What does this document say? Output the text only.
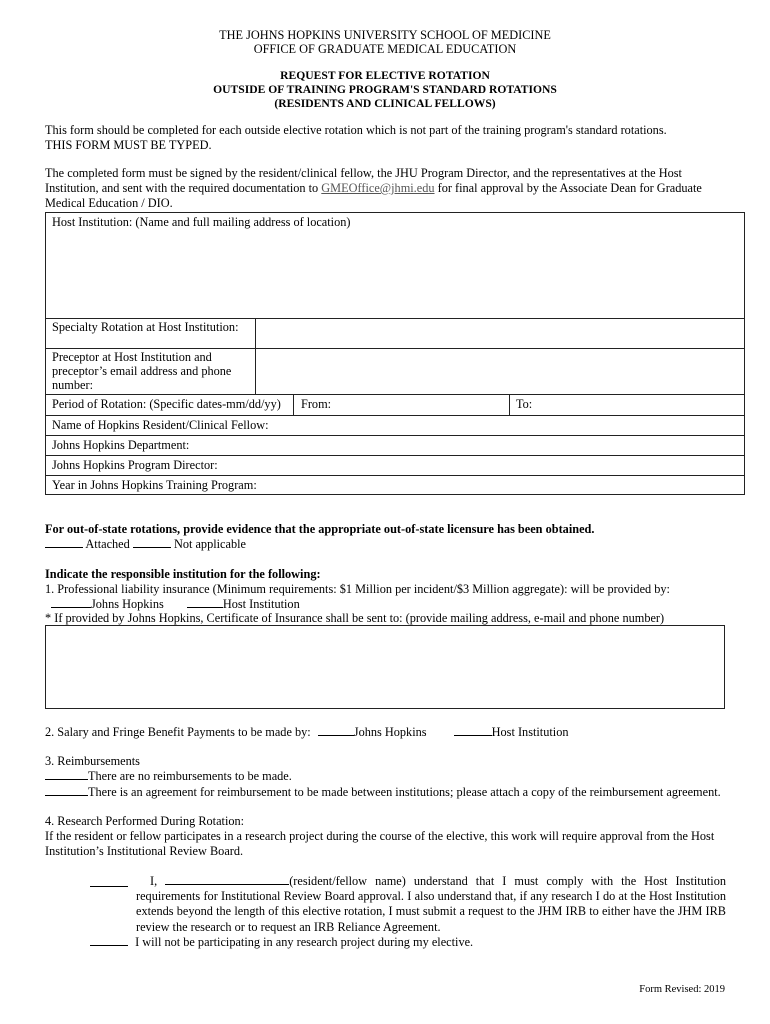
THE JOHNS HOPKINS UNIVERSITY SCHOOL OF MEDICINE
OFFICE OF GRADUATE MEDICAL EDUCATION
REQUEST FOR ELECTIVE ROTATION
OUTSIDE OF TRAINING PROGRAM'S STANDARD ROTATIONS
(RESIDENTS AND CLINICAL FELLOWS)
This form should be completed for each outside elective rotation which is not part of the training program's standard rotations.
THIS FORM MUST BE TYPED.
The completed form must be signed by the resident/clinical fellow, the JHU Program Director, and the representatives at the Host Institution, and sent with the required documentation to GMEOffice@jhmi.edu for final approval by the Associate Dean for Graduate Medical Education / DIO.
Host Institution: (Name and full mailing address of location)
Specialty Rotation at Host Institution:
Preceptor at Host Institution and preceptor’s email address and phone number:
Period of Rotation: (Specific dates-mm/dd/yy) From:	To:
Name of Hopkins Resident/Clinical Fellow:
Johns Hopkins Department:
Johns Hopkins Program Director:
Year in Johns Hopkins Training Program:
For out-of-state rotations, provide evidence that the appropriate out-of-state licensure has been obtained.
Attached	Not applicable
Indicate the responsible institution for the following:
1. Professional liability insurance (Minimum requirements: $1 Million per incident/$3 Million aggregate): will be provided by:
Johns Hopkins	Host Institution
* If provided by Johns Hopkins, Certificate of Insurance shall be sent to: (provide mailing address, e-mail and phone number)
2. Salary and Fringe Benefit Payments to be made by:	Johns Hopkins	Host Institution
3. Reimbursements
There are no reimbursements to be made.
There is an agreement for reimbursement to be made between institutions; please attach a copy of the reimbursement agreement.
4. Research Performed During Rotation:
If the resident or fellow participates in a research project during the course of the elective, this work will require approval from the Host Institution’s Institutional Review Board.
I,	(resident/fellow name) understand that I must comply with the Host Institution requirements for Institutional Review Board approval. I also understand that, if any research I do at the Host Institution extends beyond the length of this elective rotation, I must submit a request to the JHM IRB to either have the JHM IRB review the research or to request an IRB Reliance Agreement.
I will not be participating in any research project during my elective.
Form Revised: 2019
